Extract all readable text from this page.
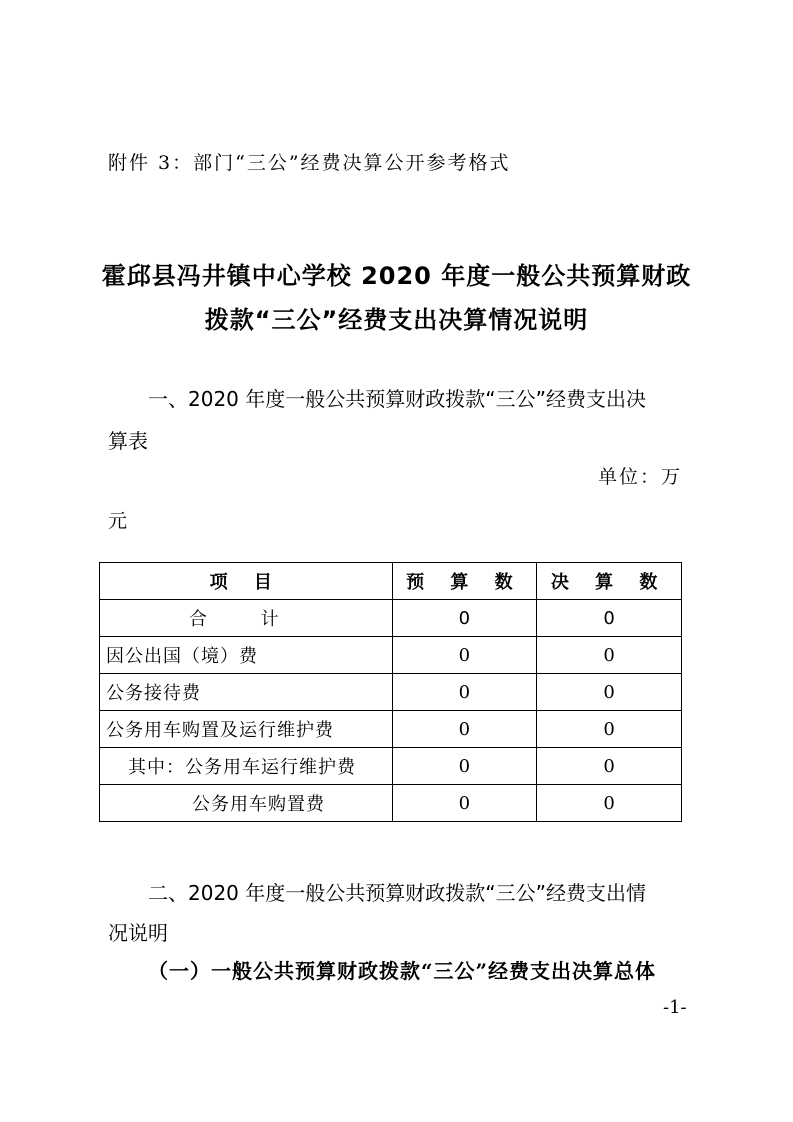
附件 3：部门“三公”经费决算公开参考格式
霍邱县冯井镇中心学校 2020 年度一般公共预算财政
拨款“三公”经费支出决算情况说明
一、2020 年度一般公共预算财政拨款“三公”经费支出决
算表
单位：万
元
项 目	预 算 数	决 算 数
合 计	0	0
因公出国（境）费	0	0
公务接待费	0	0
公务用车购置及运行维护费	0	0
其中：公务用车运行维护费	0	0
公务用车购置费	0	0
二、2020 年度一般公共预算财政拨款“三公”经费支出情
况说明
（一）一般公共预算财政拨款“三公”经费支出决算总体
-1-
